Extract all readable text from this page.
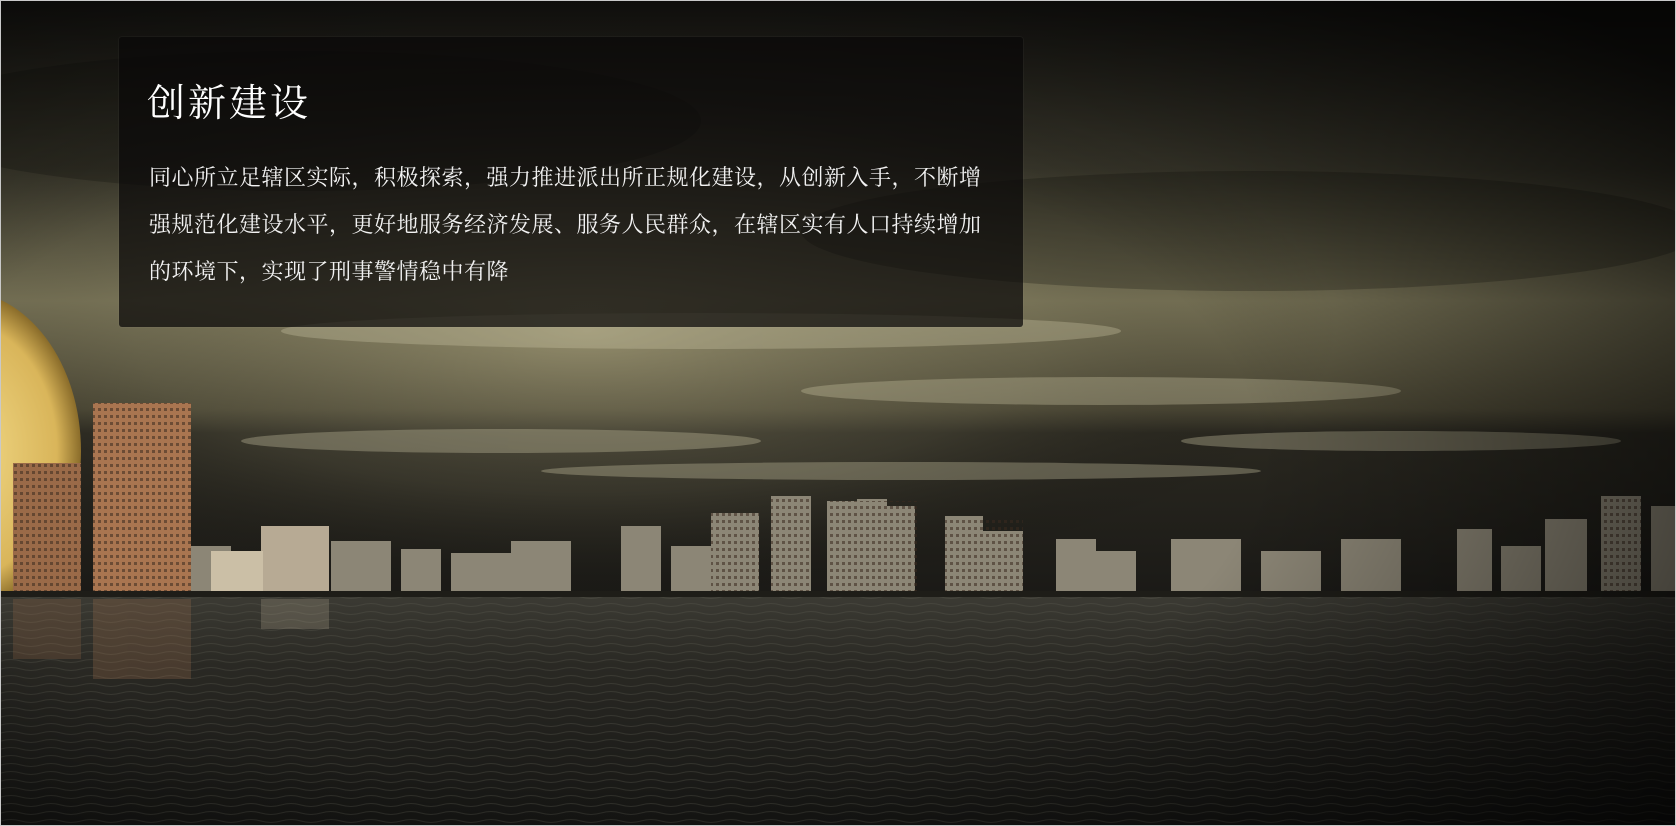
创新建设

同心所立足辖区实际，积极探索，强力推进派出所正规化建设，从创新入手，不断增强规范化建设水平，更好地服务经济发展、服务人民群众，在辖区实有人口持续增加的环境下，实现了刑事警情稳中有降
